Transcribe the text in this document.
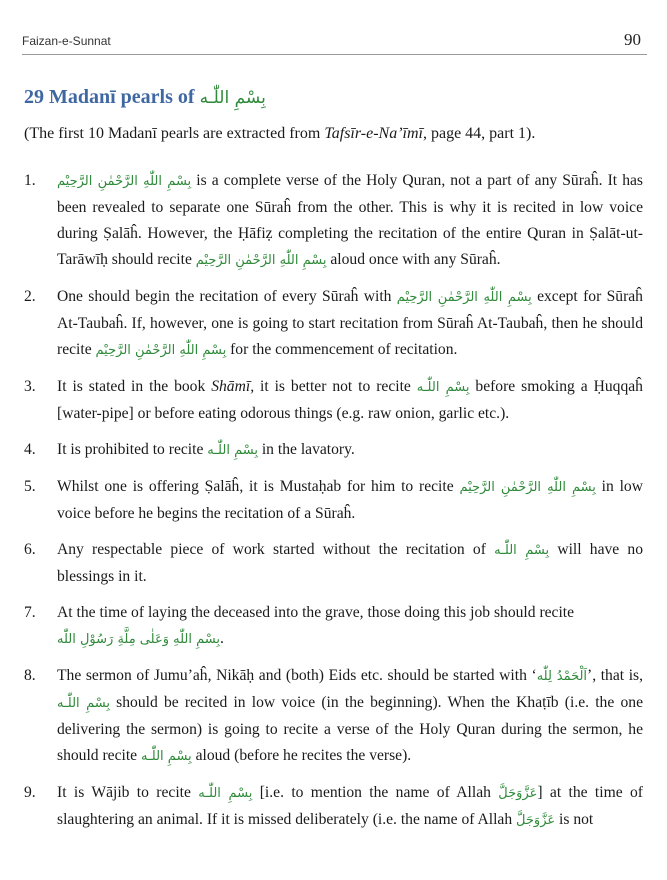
Faizan-e-Sunnat	90
29 Madanī pearls of بِسْمِ اللّٰـه
(The first 10 Madanī pearls are extracted from Tafsīr-e-Na’īmī, page 44, part 1).
1. بِسْمِ اللّٰهِ الرَّحْمٰنِ الرَّحِیْم is a complete verse of the Holy Quran, not a part of any Sūraĥ. It has been revealed to separate one Sūraĥ from the other. This is why it is recited in low voice during Ṣalāĥ. However, the Ḥāfiẓ completing the recitation of the entire Quran in Ṣalāt-ut-Tarāwīḥ should recite بِسْمِ اللّٰهِ الرَّحْمٰنِ الرَّحِیْم aloud once with any Sūraĥ.
2. One should begin the recitation of every Sūraĥ with بِسْمِ اللّٰهِ الرَّحْمٰنِ الرَّحِیْم except for Sūraĥ At-Taubaĥ. If, however, one is going to start recitation from Sūraĥ At-Taubaĥ, then he should recite بِسْمِ اللّٰهِ الرَّحْمٰنِ الرَّحِیْم for the commencement of recitation.
3. It is stated in the book Shāmī, it is better not to recite بِسْمِ اللّٰـه before smoking a Ḥuqqaĥ [water-pipe] or before eating odorous things (e.g. raw onion, garlic etc.).
4. It is prohibited to recite بِسْمِ اللّٰـه in the lavatory.
5. Whilst one is offering Ṣalāĥ, it is Mustaḥab for him to recite بِسْمِ اللّٰهِ الرَّحْمٰنِ الرَّحِیْم in low voice before he begins the recitation of a Sūraĥ.
6. Any respectable piece of work started without the recitation of بِسْمِ اللّٰـه will have no blessings in it.
7. At the time of laying the deceased into the grave, those doing this job should recite
بِسْمِ اللّٰهِ وَعَلٰى مِلَّةِ رَسُوْلِ اللّٰه.
8. The sermon of Jumu’aĥ, Nikāḥ and (both) Eids etc. should be started with ‘اَلْحَمْدُ لِلّٰه’, that is, بِسْمِ اللّٰـه should be recited in low voice (in the beginning). When the Khaṭīb (i.e. the one delivering the sermon) is going to recite a verse of the Holy Quran during the sermon, he should recite بِسْمِ اللّٰـه aloud (before he recites the verse).
9. It is Wājib to recite بِسْمِ اللّٰـه [i.e. to mention the name of Allah عَزَّوَجَلَّ] at the time of slaughtering an animal. If it is missed deliberately (i.e. the name of Allah عَزَّوَجَلَّ is not
